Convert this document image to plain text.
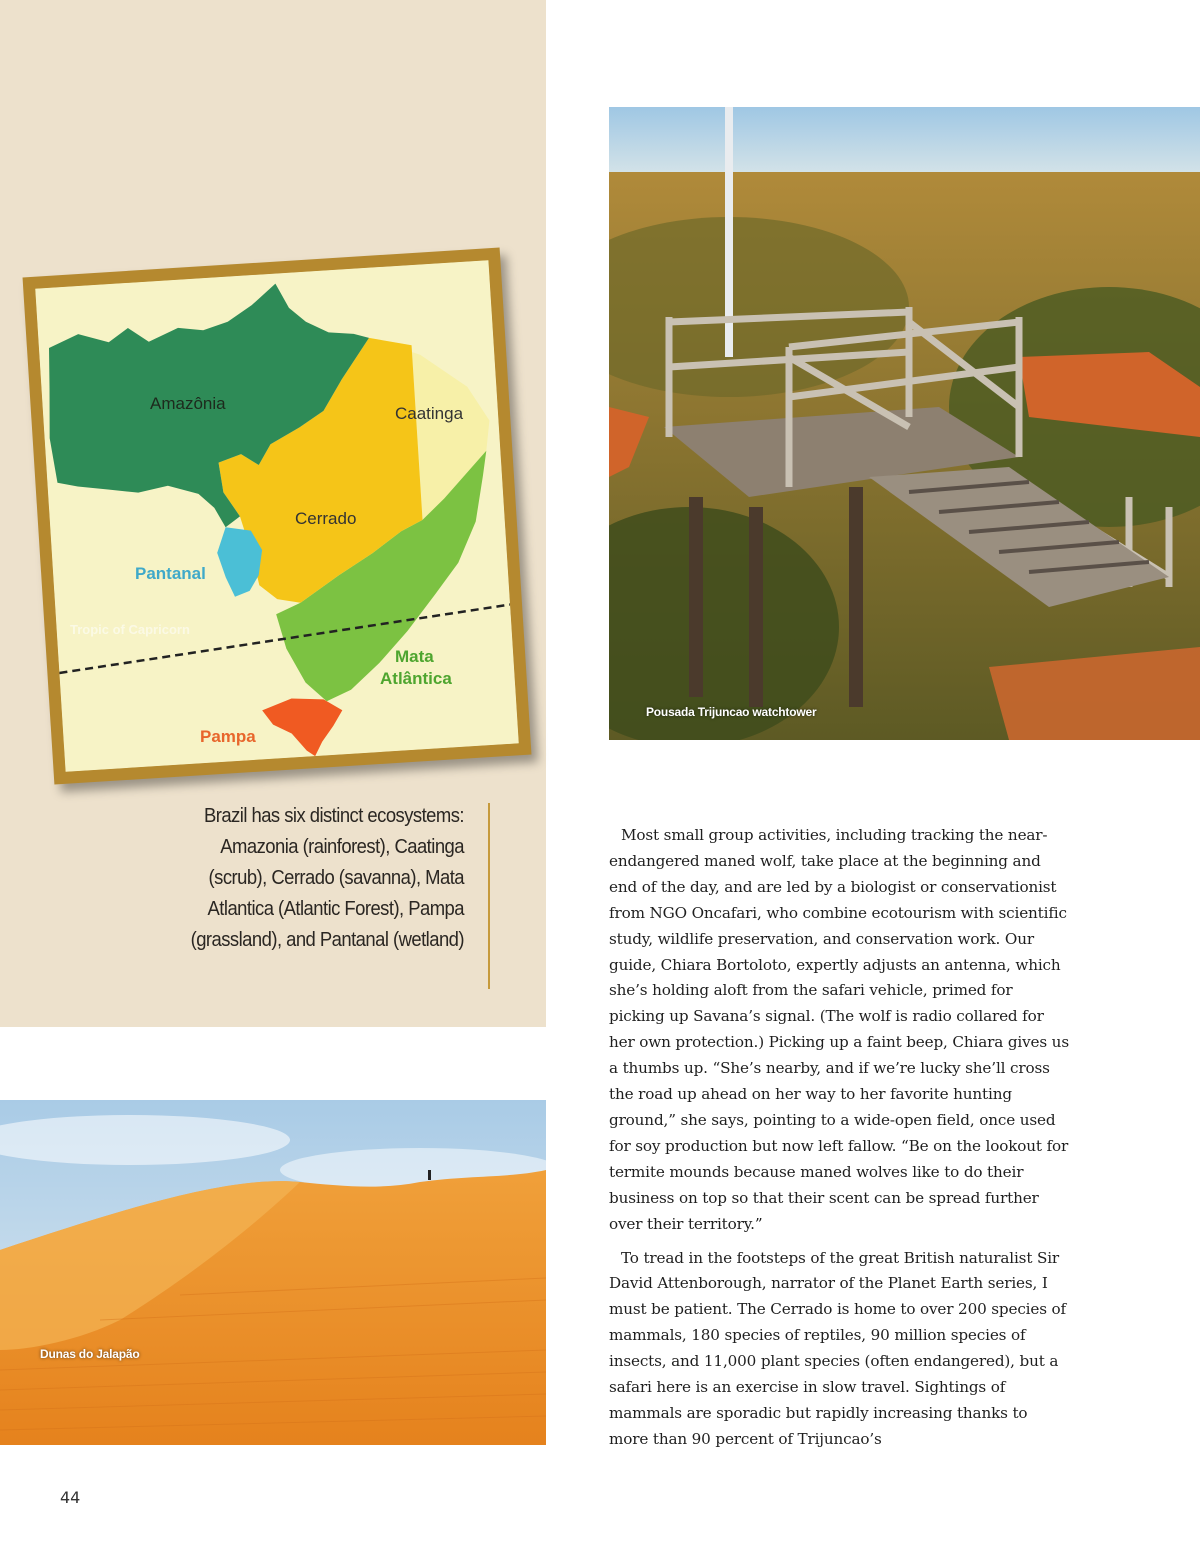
Amazônia
Caatinga
Cerrado
Pantanal
Tropic of Capricorn
Mata
Atlântica
Pampa
Brazil has six distinct ecosystems: Amazonia (rainforest), Caatinga (scrub), Cerrado (savanna), Mata Atlantica (Atlantic Forest), Pampa (grassland), and Pantanal (wetland)
Pousada Trijuncao watchtower
Dunas do Jalapão

Most small group activities, including tracking the near-endangered maned wolf, take place at the beginning and end of the day, and are led by a biologist or conservationist from NGO Oncafari, who combine ecotourism with scientific study, wildlife preservation, and conservation work. Our guide, Chiara Bortoloto, expertly adjusts an antenna, which she’s holding aloft from the safari vehicle, primed for picking up Savana’s signal. (The wolf is radio collared for her own protection.) Picking up a faint beep, Chiara gives us a thumbs up. “She’s nearby, and if we’re lucky she’ll cross the road up ahead on her way to her favorite hunting ground,” she says, pointing to a wide-open field, once used for soy production but now left fallow. “Be on the lookout for termite mounds because maned wolves like to do their business on top so that their scent can be spread further over their territory.”

To tread in the footsteps of the great British naturalist Sir David Attenborough, narrator of the Planet Earth series, I must be patient. The Cerrado is home to over 200 species of mammals, 180 species of reptiles, 90 million species of insects, and 11,000 plant species (often endangered), but a safari here is an exercise in slow travel. Sightings of mammals are sporadic but rapidly increasing thanks to more than 90 percent of Trijuncao’s

44
